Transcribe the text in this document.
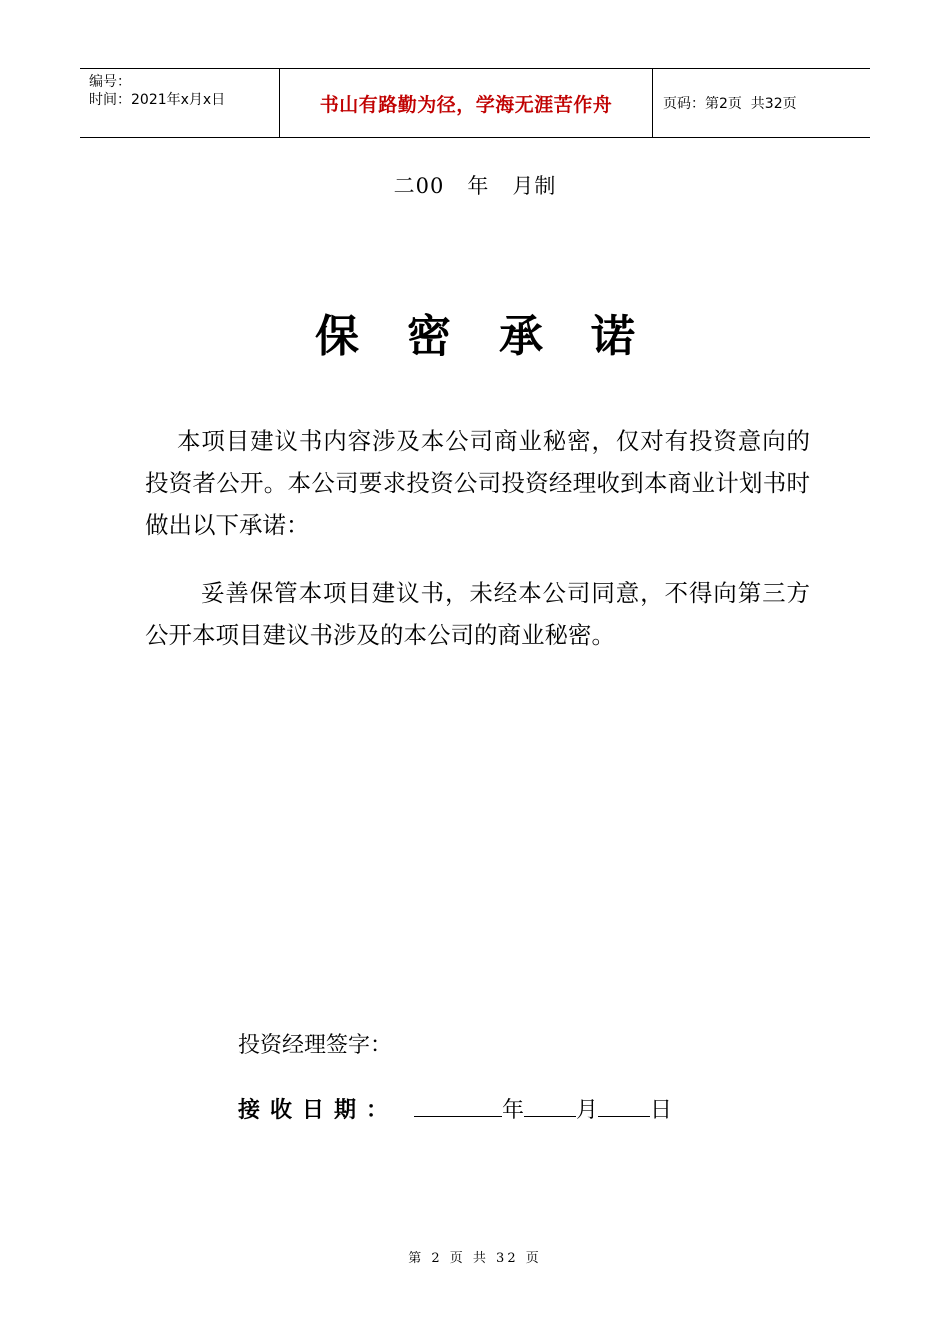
编号：
时间：2021年x月x日	书山有路勤为径，学海无涯苦作舟	页码：第2页  共32页
二00   年   月制
保密承诺
本项目建议书内容涉及本公司商业秘密，仅对有投资意向的投资者公开。本公司要求投资公司投资经理收到本商业计划书时做出以下承诺：
妥善保管本项目建议书，未经本公司同意，不得向第三方公开本项目建议书涉及的本公司的商业秘密。
投资经理签字：
接收日期：	年 月 日
第 2 页 共 32 页
